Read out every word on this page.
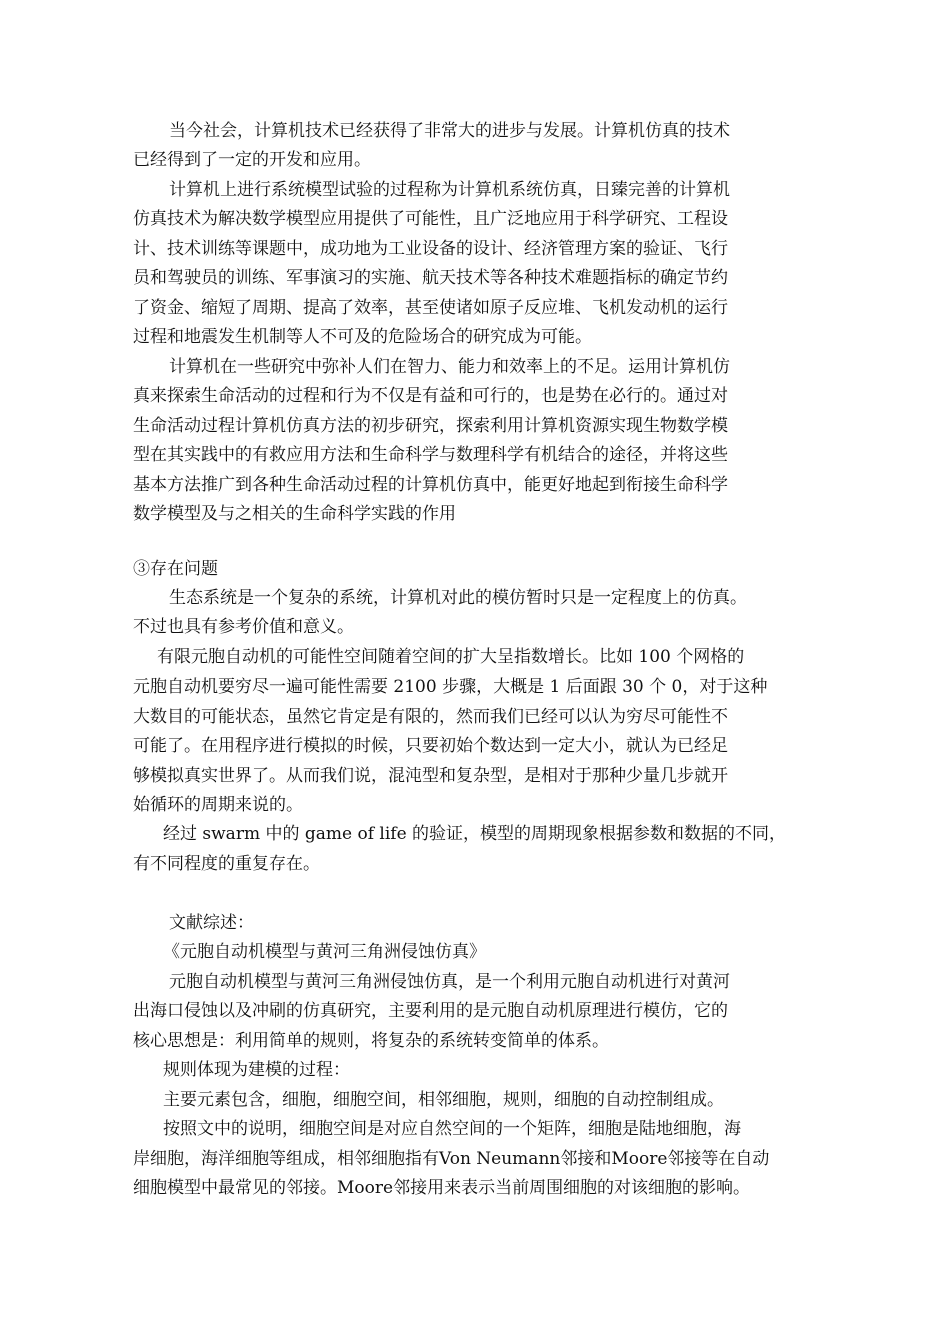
当今社会，计算机技术已经获得了非常大的进步与发展。计算机仿真的技术
已经得到了一定的开发和应用。
计算机上进行系统模型试验的过程称为计算机系统仿真，日臻完善的计算机
仿真技术为解决数学模型应用提供了可能性，且广泛地应用于科学研究、工程设
计、技术训练等课题中，成功地为工业设备的设计、经济管理方案的验证、飞行
员和驾驶员的训练、军事演习的实施、航天技术等各种技术难题指标的确定节约
了资金、缩短了周期、提高了效率，甚至使诸如原子反应堆、飞机发动机的运行
过程和地震发生机制等人不可及的危险场合的研究成为可能。
计算机在一些研究中弥补人们在智力、能力和效率上的不足。运用计算机仿
真来探索生命活动的过程和行为不仅是有益和可行的，也是势在必行的。通过对
生命活动过程计算机仿真方法的初步研究，探索利用计算机资源实现生物数学模
型在其实践中的有救应用方法和生命科学与数理科学有机结合的途径，并将这些
基本方法推广到各种生命活动过程的计算机仿真中，能更好地起到衔接生命科学
数学模型及与之相关的生命科学实践的作用
③存在问题
生态系统是一个复杂的系统，计算机对此的模仿暂时只是一定程度上的仿真。
不过也具有参考价值和意义。
有限元胞自动机的可能性空间随着空间的扩大呈指数增长。比如 100 个网格的
元胞自动机要穷尽一遍可能性需要 2100 步骤，大概是 1 后面跟 30 个 0，对于这种
大数目的可能状态，虽然它肯定是有限的，然而我们已经可以认为穷尽可能性不
可能了。在用程序进行模拟的时候，只要初始个数达到一定大小，就认为已经足
够模拟真实世界了。从而我们说，混沌型和复杂型，是相对于那种少量几步就开
始循环的周期来说的。
经过 swarm 中的 game of life 的验证，模型的周期现象根据参数和数据的不同，
有不同程度的重复存在。
文献综述：
《元胞自动机模型与黄河三角洲侵蚀仿真》
元胞自动机模型与黄河三角洲侵蚀仿真，是一个利用元胞自动机进行对黄河
出海口侵蚀以及冲刷的仿真研究，主要利用的是元胞自动机原理进行模仿，它的
核心思想是：利用简单的规则，将复杂的系统转变简单的体系。
规则体现为建模的过程：
主要元素包含，细胞，细胞空间，相邻细胞，规则，细胞的自动控制组成。
按照文中的说明，细胞空间是对应自然空间的一个矩阵，细胞是陆地细胞，海
岸细胞，海洋细胞等组成，相邻细胞指有Von Neumann邻接和Moore邻接等在自动
细胞模型中最常见的邻接。Moore邻接用来表示当前周围细胞的对该细胞的影响。
